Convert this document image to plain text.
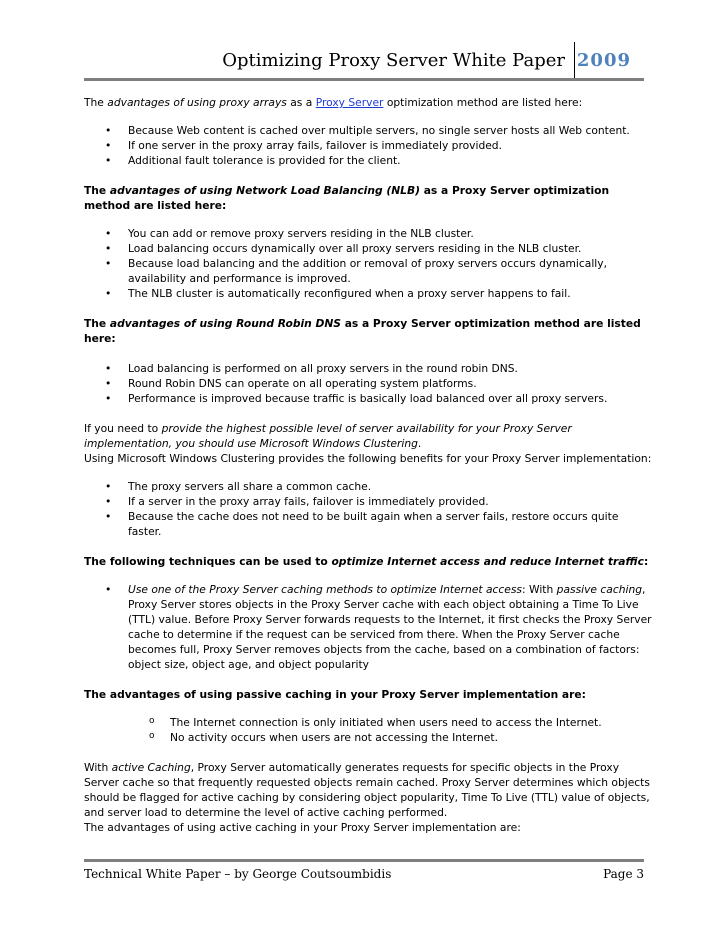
Optimizing Proxy Server White Paper 2009

The advantages of using proxy arrays as a Proxy Server optimization method are listed here:

• Because Web content is cached over multiple servers, no single server hosts all Web content.
• If one server in the proxy array fails, failover is immediately provided.
• Additional fault tolerance is provided for the client.

The advantages of using Network Load Balancing (NLB) as a Proxy Server optimization method are listed here:

• You can add or remove proxy servers residing in the NLB cluster.
• Load balancing occurs dynamically over all proxy servers residing in the NLB cluster.
• Because load balancing and the addition or removal of proxy servers occurs dynamically, availability and performance is improved.
• The NLB cluster is automatically reconfigured when a proxy server happens to fail.

The advantages of using Round Robin DNS as a Proxy Server optimization method are listed here:

• Load balancing is performed on all proxy servers in the round robin DNS.
• Round Robin DNS can operate on all operating system platforms.
• Performance is improved because traffic is basically load balanced over all proxy servers.

If you need to provide the highest possible level of server availability for your Proxy Server implementation, you should use Microsoft Windows Clustering.

Using Microsoft Windows Clustering provides the following benefits for your Proxy Server implementation:

• The proxy servers all share a common cache.
• If a server in the proxy array fails, failover is immediately provided.
• Because the cache does not need to be built again when a server fails, restore occurs quite faster.

The following techniques can be used to optimize Internet access and reduce Internet traffic:

• Use one of the Proxy Server caching methods to optimize Internet access: With passive caching, Proxy Server stores objects in the Proxy Server cache with each object obtaining a Time To Live (TTL) value. Before Proxy Server forwards requests to the Internet, it first checks the Proxy Server cache to determine if the request can be serviced from there. When the Proxy Server cache becomes full, Proxy Server removes objects from the cache, based on a combination of factors: object size, object age, and object popularity

The advantages of using passive caching in your Proxy Server implementation are:

o The Internet connection is only initiated when users need to access the Internet.
o No activity occurs when users are not accessing the Internet.

With active Caching, Proxy Server automatically generates requests for specific objects in the Proxy Server cache so that frequently requested objects remain cached. Proxy Server determines which objects should be flagged for active caching by considering object popularity, Time To Live (TTL) value of objects, and server load to determine the level of active caching performed.

The advantages of using active caching in your Proxy Server implementation are:

Technical White Paper – by George Coutsoumbidis	Page 3
